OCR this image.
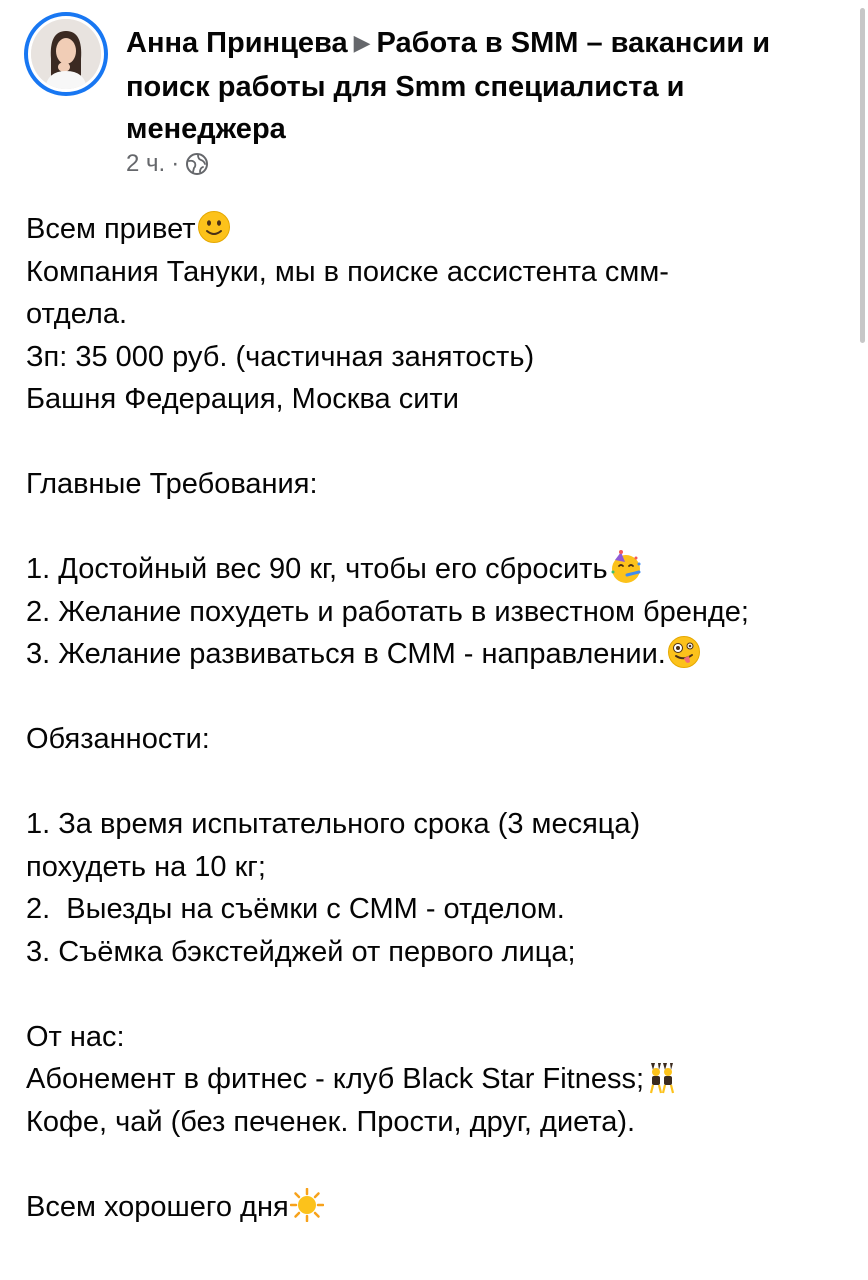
Анна Принцева ▶ Работа в SMM – вакансии и поиск работы для Smm специалиста и менеджера
2 ч. ·
Всем привет
Компания Тануки, мы в поиске ассистента смм-отдела.
Зп: 35 000 руб. (частичная занятость)
Башня Федерация, Москва сити
Главные Требования:
1. Достойный вес 90 кг, чтобы его сбросить
2. Желание похудеть и работать в известном бренде;
3. Желание развиваться в СММ - направлении.
Обязанности:
1. За время испытательного срока (3 месяца) похудеть на 10 кг;
2.  Выезды на съёмки с СММ - отделом.
3. Съёмка бэкстейджей от первого лица;
От нас:
Абонемент в фитнес - клуб Black Star Fitness;
Кофе, чай (без печенек. Прости, друг, диета).
Всем хорошего дня
